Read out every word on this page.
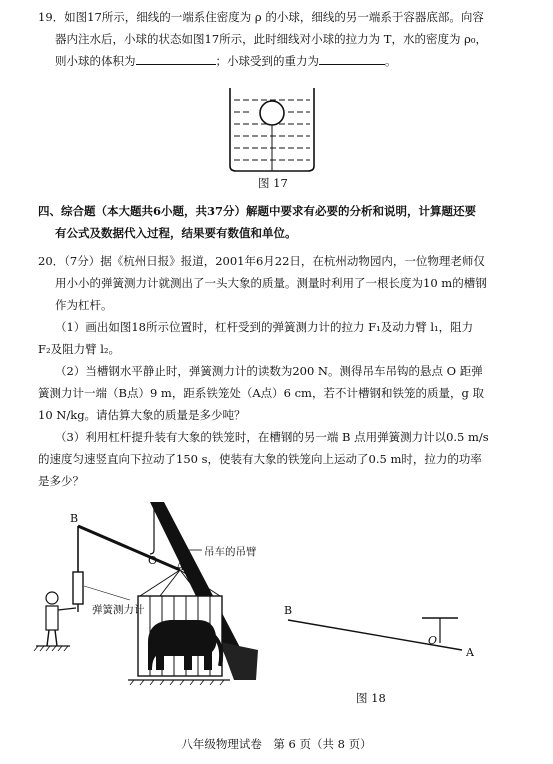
19．如图17所示，细线的一端系住密度为 ρ 的小球，细线的另一端系于容器底部。向容
器内注水后，小球的状态如图17所示，此时细线对小球的拉力为 T，水的密度为 ρ₀，
则小球的体积为	；小球受到的重力为	。
图 17
四、综合题（本大题共6小题，共37分）解题中要求有必要的分析和说明，计算题还要
有公式及数据代入过程，结果要有数值和单位。
20．（7分）据《杭州日报》报道，2001年6月22日，在杭州动物园内，一位物理老师仅
用小小的弹簧测力计就测出了一头大象的质量。测量时利用了一根长度为10 m的槽钢
作为杠杆。
（1）画出如图18所示位置时，杠杆受到的弹簧测力计的拉力 F₁及动力臂 l₁，阻力
F₂及阻力臂 l₂。
（2）当槽钢水平静止时，弹簧测力计的读数为200 N。测得吊车吊钩的悬点 O 距弹
簧测力计一端（B点）9 m，距系铁笼处（A点）6 cm，若不计槽钢和铁笼的质量，g 取
10 N/kg。请估算大象的质量是多少吨？
（3）利用杠杆提升装有大象的铁笼时，在槽钢的另一端 B 点用弹簧测力计以0.5 m/s
的速度匀速竖直向下拉动了150 s，使装有大象的铁笼向上运动了0.5 m时，拉力的功率
是多少？
B
O A
吊车的吊臂
弹簧测力计	B
O
A
图 18
八年级物理试卷　第 6 页（共 8 页）
